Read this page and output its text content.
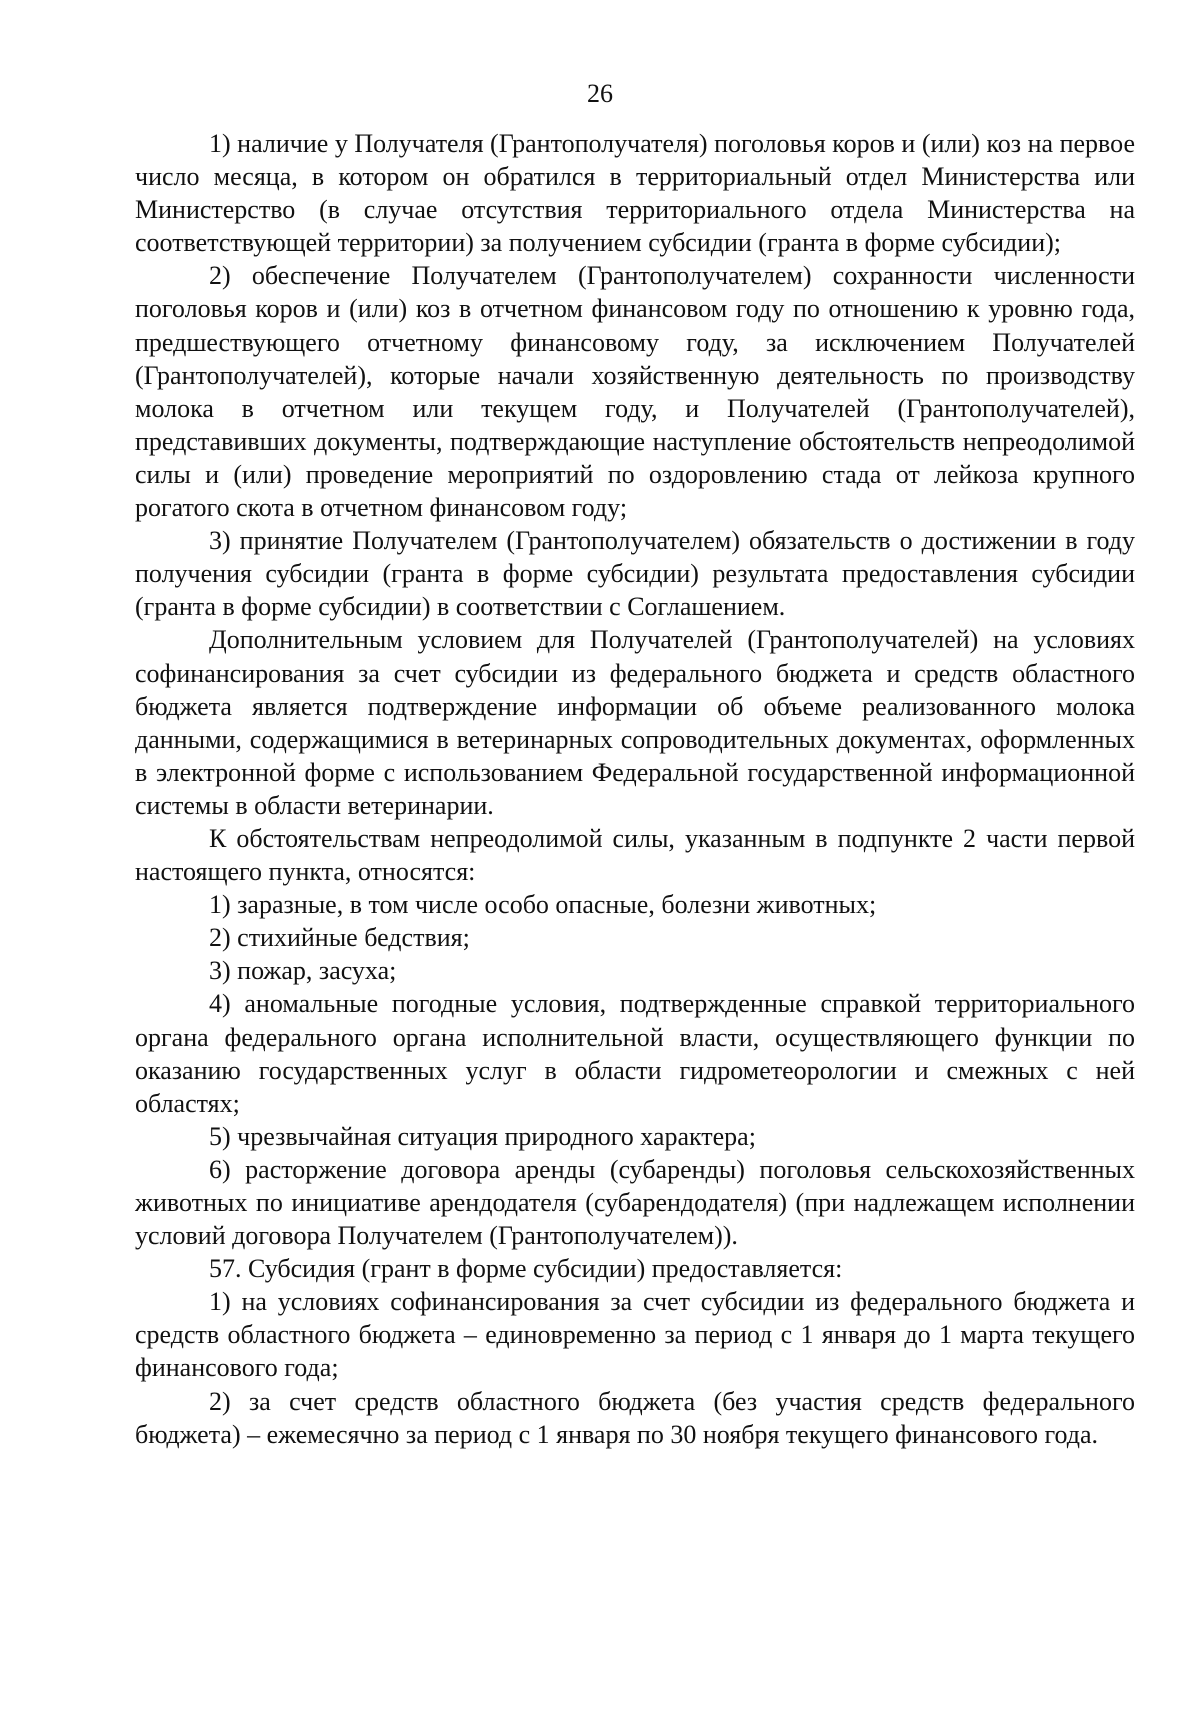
26

1) наличие у Получателя (Грантополучателя) поголовья коров и (или) коз на первое число месяца, в котором он обратился в территориальный отдел Министерства или Министерство (в случае отсутствия территориального отдела Министерства на соответствующей территории) за получением субсидии (гранта в форме субсидии);

2) обеспечение Получателем (Грантополучателем) сохранности численности поголовья коров и (или) коз в отчетном финансовом году по отношению к уровню года, предшествующего отчетному финансовому году, за исключением Получателей (Грантополучателей), которые начали хозяйственную деятельность по производству молока в отчетном или текущем году, и Получателей (Грантополучателей), представивших документы, подтверждающие наступление обстоятельств непреодолимой силы и (или) проведение мероприятий по оздоровлению стада от лейкоза крупного рогатого скота в отчетном финансовом году;

3) принятие Получателем (Грантополучателем) обязательств о достижении в году получения субсидии (гранта в форме субсидии) результата предоставления субсидии (гранта в форме субсидии) в соответствии с Соглашением.

Дополнительным условием для Получателей (Грантополучателей) на условиях софинансирования за счет субсидии из федерального бюджета и средств областного бюджета является подтверждение информации об объеме реализованного молока данными, содержащимися в ветеринарных сопроводительных документах, оформленных в электронной форме с использованием Федеральной государственной информационной системы в области ветеринарии.

К обстоятельствам непреодолимой силы, указанным в подпункте 2 части первой настоящего пункта, относятся:

1) заразные, в том числе особо опасные, болезни животных;

2) стихийные бедствия;

3) пожар, засуха;

4) аномальные погодные условия, подтвержденные справкой территориального органа федерального органа исполнительной власти, осуществляющего функции по оказанию государственных услуг в области гидрометеорологии и смежных с ней областях;

5) чрезвычайная ситуация природного характера;

6) расторжение договора аренды (субаренды) поголовья сельскохозяйственных животных по инициативе арендодателя (субарендодателя) (при надлежащем исполнении условий договора Получателем (Грантополучателем)).

57. Субсидия (грант в форме субсидии) предоставляется:

1) на условиях софинансирования за счет субсидии из федерального бюджета и средств областного бюджета – единовременно за период с 1 января до 1 марта текущего финансового года;

2) за счет средств областного бюджета (без участия средств федерального бюджета) – ежемесячно за период с 1 января по 30 ноября текущего финансового года.
